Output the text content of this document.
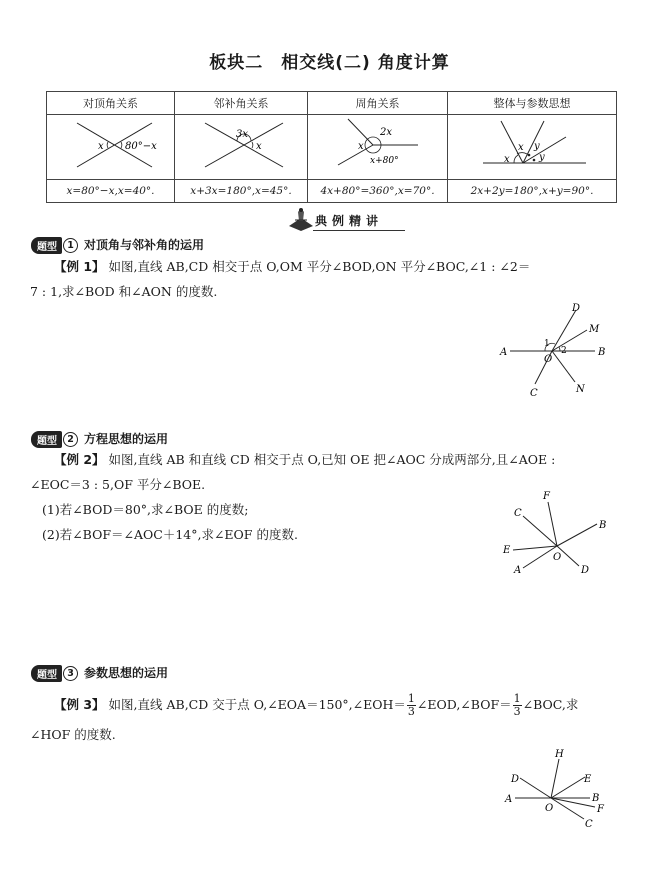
板块二　相交线(二) 角度计算
对顶角关系	邻补角关系	周角关系	整体与参数思想

x 80°−x	3x
x	2x
x
x+80°	x
x y
y

x=80°−x,x=40°.	x+3x=180°,x=45°.	4x+80°=360°,x=70°.	2x+2y=180°,x+y=90°.
典例精讲
题型 1 对顶角与邻补角的运用
【例 1】 如图,直线 AB,CD 相交于点 O,OM 平分∠BOD,ON 平分∠BOC,∠1 : ∠2＝
7 : 1,求∠BOD 和∠AON 的度数.
D
M
A
1
2
O
B
C	N
题型 2 方程思想的运用
【例 2】 如图,直线 AB 和直线 CD 相交于点 O,已知 OE 把∠AOC 分成两部分,且∠AOE :
∠EOC＝3 : 5,OF 平分∠BOE.
(1)若∠BOD＝80°,求∠BOE 的度数;
(2)若∠BOF＝∠AOC＋14°,求∠EOF 的度数.
F
C
B
E
O
A	D
题型 3 参数思想的运用
【例 3】 如图,直线 AB,CD 交于点 O,∠EOA＝150°,∠EOH＝ $\frac{1}{3}$ ∠EOD,∠BOF＝ $\frac{1}{3}$ ∠BOC,求
∠HOF 的度数.
H
D	E
A	B
O	F
C
